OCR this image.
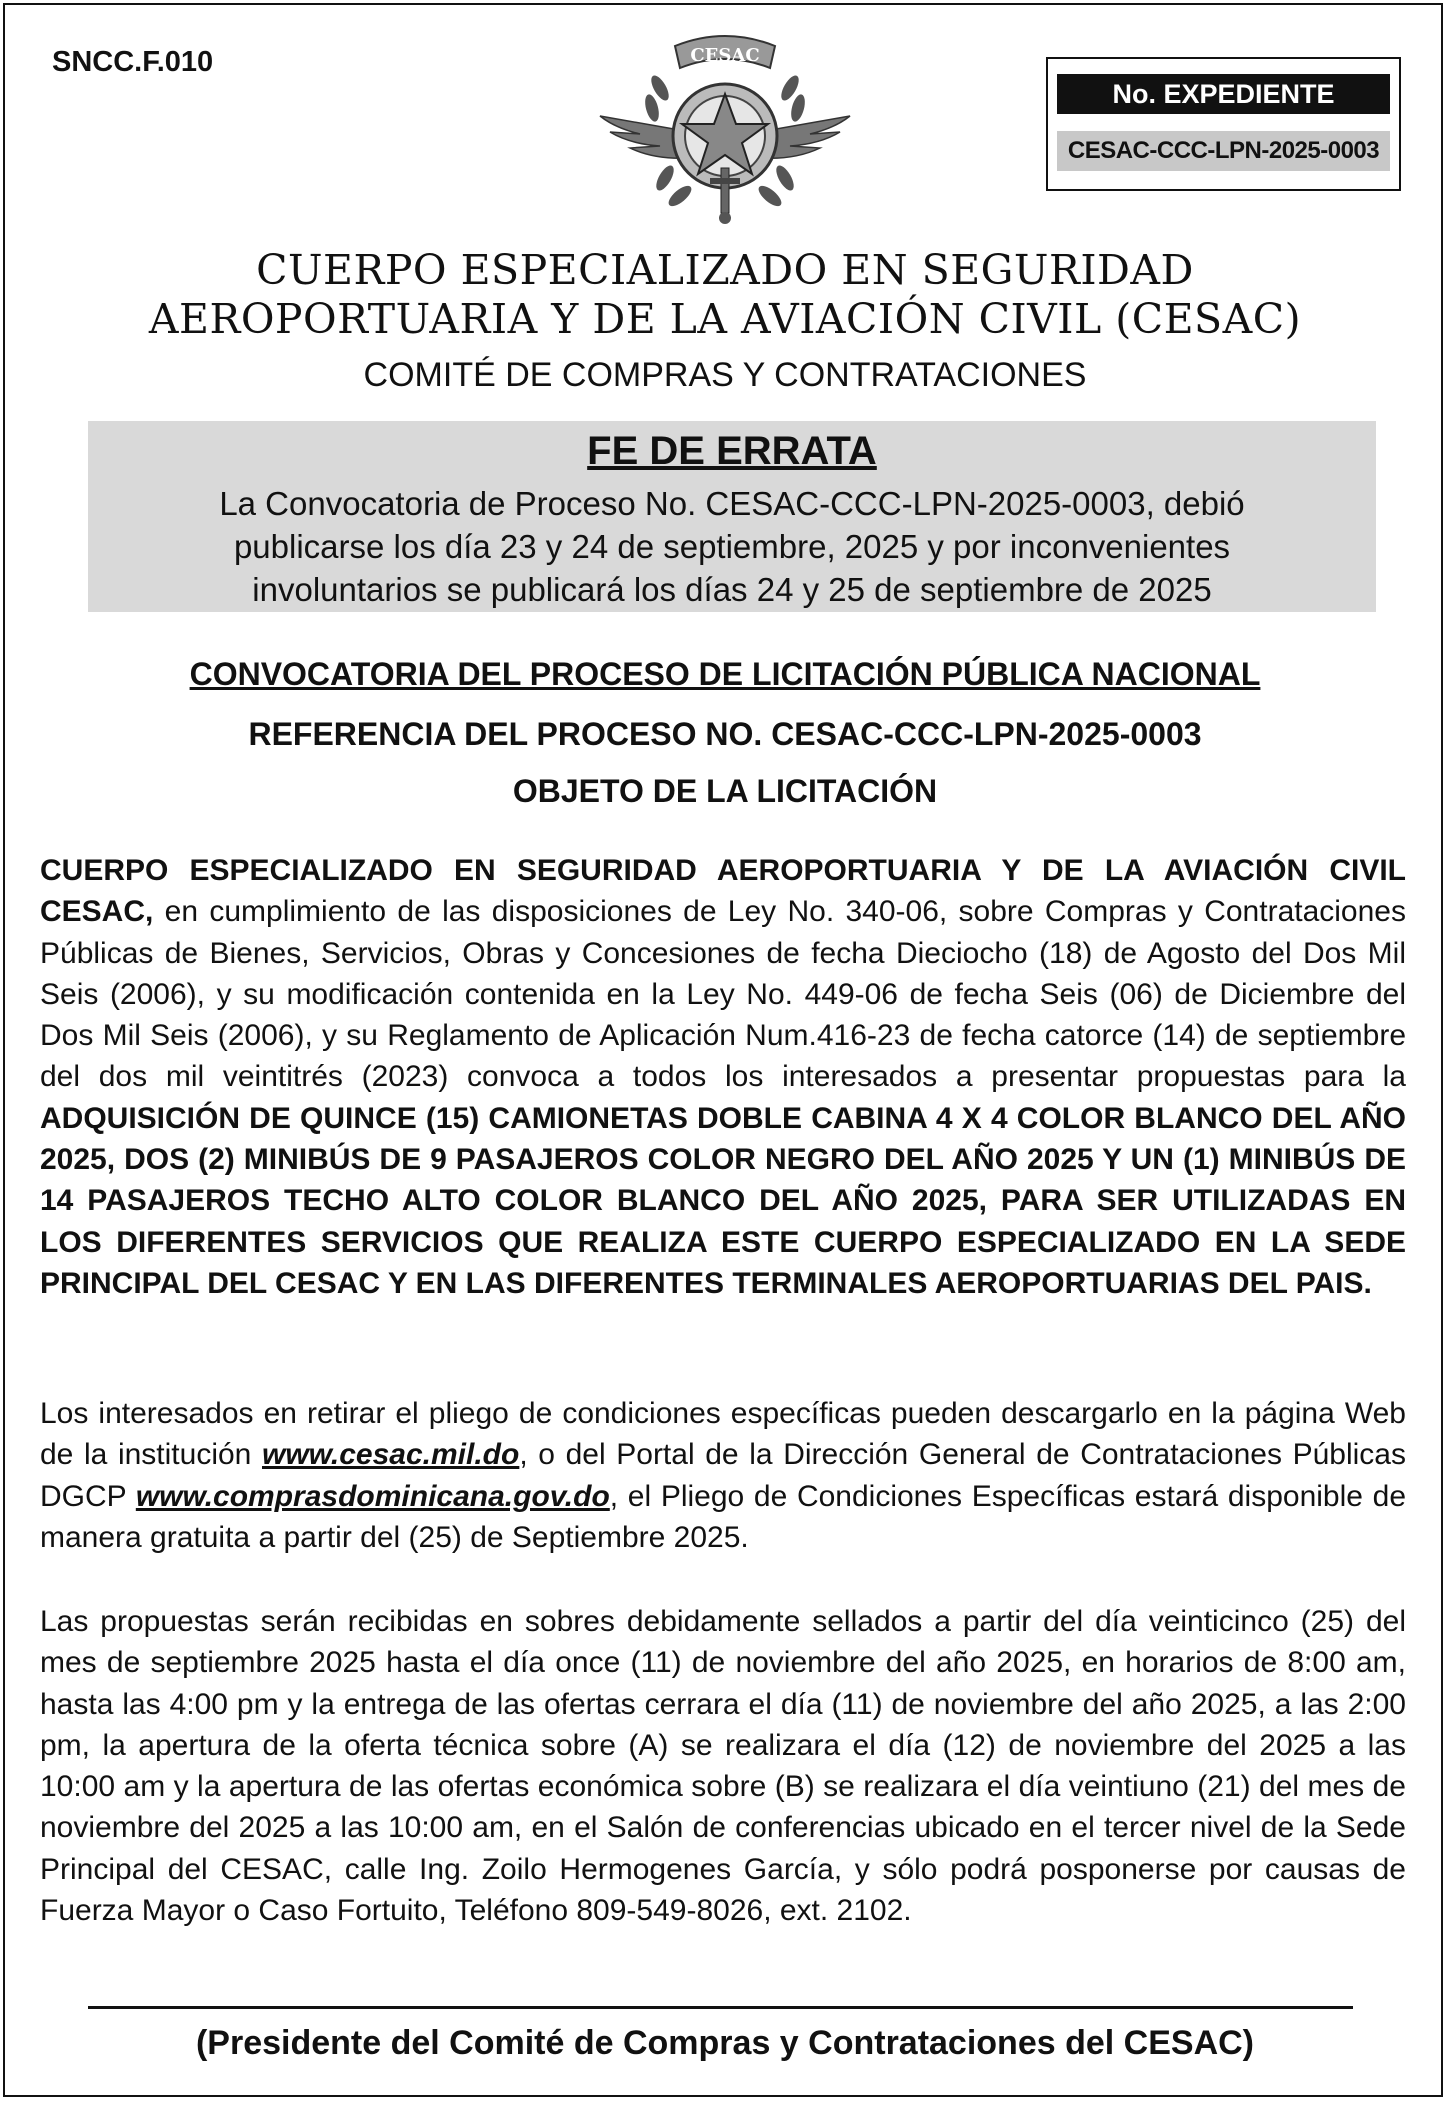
SNCC.F.010	CESAC
No. EXPEDIENTE
CESAC-CCC-LPN-2025-0003
CUERPO ESPECIALIZADO EN SEGURIDAD
AEROPORTUARIA Y DE LA AVIACIÓN CIVIL (CESAC)
COMITÉ DE COMPRAS Y CONTRATACIONES
FE DE ERRATA
La Convocatoria de Proceso No. CESAC-CCC-LPN-2025-0003, debió
publicarse los día 23 y 24 de septiembre, 2025 y por inconvenientes
involuntarios se publicará los días 24 y 25 de septiembre de 2025
CONVOCATORIA DEL PROCESO DE LICITACIÓN PÚBLICA NACIONAL
REFERENCIA DEL PROCESO NO. CESAC-CCC-LPN-2025-0003
OBJETO DE LA LICITACIÓN
CUERPO ESPECIALIZADO EN SEGURIDAD AEROPORTUARIA Y DE LA AVIACIÓN CIVIL CESAC, en cumplimiento de las disposiciones de Ley No. 340-06, sobre Compras y Contrataciones Públicas de Bienes, Servicios, Obras y Concesiones de fecha Dieciocho (18) de Agosto del Dos Mil Seis (2006), y su modificación contenida en la Ley No. 449-06 de fecha Seis (06) de Diciembre del Dos Mil Seis (2006), y su Reglamento de Aplicación Num.416-23 de fecha catorce (14) de septiembre del dos mil veintitrés (2023) convoca a todos los interesados a presentar propuestas para la ADQUISICIÓN DE QUINCE (15) CAMIONETAS DOBLE CABINA 4 X 4 COLOR BLANCO DEL AÑO 2025, DOS (2) MINIBÚS DE 9 PASAJEROS COLOR NEGRO DEL AÑO 2025 Y UN (1) MINIBÚS DE 14 PASAJEROS TECHO ALTO COLOR BLANCO DEL AÑO 2025, PARA SER UTILIZADAS EN LOS DIFERENTES SERVICIOS QUE REALIZA ESTE CUERPO ESPECIALIZADO EN LA SEDE PRINCIPAL DEL CESAC Y EN LAS DIFERENTES TERMINALES AEROPORTUARIAS DEL PAIS.
Los interesados en retirar el pliego de condiciones específicas pueden descargarlo en la página Web de la institución www.cesac.mil.do, o del Portal de la Dirección General de Contrataciones Públicas DGCP www.comprasdominicana.gov.do, el Pliego de Condiciones Específicas estará disponible de manera gratuita a partir del (25) de Septiembre 2025.
Las propuestas serán recibidas en sobres debidamente sellados a partir del día veinticinco (25) del mes de septiembre 2025 hasta el día once (11) de noviembre del año 2025, en horarios de 8:00 am, hasta las 4:00 pm y la entrega de las ofertas cerrara el día (11) de noviembre del año 2025, a las 2:00 pm, la apertura de la oferta técnica sobre (A) se realizara el día (12) de noviembre del 2025 a las 10:00 am y la apertura de las ofertas económica sobre (B) se realizara el día veintiuno (21) del mes de noviembre del 2025 a las 10:00 am, en el Salón de conferencias ubicado en el tercer nivel de la Sede Principal del CESAC, calle Ing. Zoilo Hermogenes García, y sólo podrá posponerse por causas de Fuerza Mayor o Caso Fortuito, Teléfono 809-549-8026, ext. 2102.
(Presidente del Comité de Compras y Contrataciones del CESAC)
